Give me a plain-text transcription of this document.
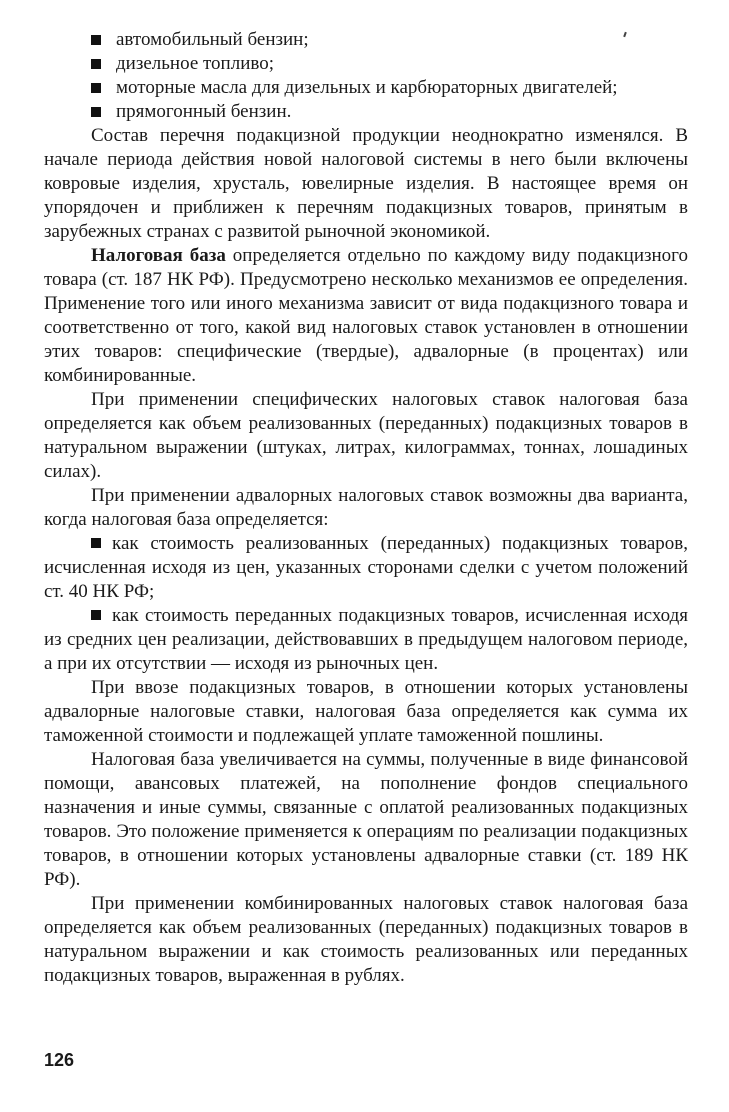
автомобильный бензин;
дизельное топливо;
моторные масла для дизельных и карбюраторных двигателей;
прямогонный бензин.

Состав перечня подакцизной продукции неоднократно изменялся. В начале периода действия новой налоговой системы в него были включены ковровые изделия, хрусталь, ювелирные изделия. В настоящее время он упорядочен и приближен к перечням подакцизных товаров, принятым в зарубежных странах с развитой рыночной экономикой.

Налоговая база определяется отдельно по каждому виду подакцизного товара (ст. 187 НК РФ). Предусмотрено несколько механизмов ее определения. Применение того или иного механизма зависит от вида подакцизного товара и соответственно от того, какой вид налоговых ставок установлен в отношении этих товаров: специфические (твердые), адвалорные (в процентах) или комбинированные.

При применении специфических налоговых ставок налоговая база определяется как объем реализованных (переданных) подакцизных товаров в натуральном выражении (штуках, литрах, килограммах, тоннах, лошадиных силах).

При применении адвалорных налоговых ставок возможны два варианта, когда налоговая база определяется:

как стоимость реализованных (переданных) подакцизных товаров, исчисленная исходя из цен, указанных сторонами сделки с учетом положений ст. 40 НК РФ;

как стоимость переданных подакцизных товаров, исчисленная исходя из средних цен реализации, действовавших в предыдущем налоговом периоде, а при их отсутствии — исходя из рыночных цен.

При ввозе подакцизных товаров, в отношении которых установлены адвалорные налоговые ставки, налоговая база определяется как сумма их таможенной стоимости и подлежащей уплате таможенной пошлины.

Налоговая база увеличивается на суммы, полученные в виде финансовой помощи, авансовых платежей, на пополнение фондов специального назначения и иные суммы, связанные с оплатой реализованных подакцизных товаров. Это положение применяется к операциям по реализации подакцизных товаров, в отношении которых установлены адвалорные ставки (ст. 189 НК РФ).

При применении комбинированных налоговых ставок налоговая база определяется как объем реализованных (переданных) подакцизных товаров в натуральном выражении и как стоимость реализованных или переданных подакцизных товаров, выраженная в рублях.

126
